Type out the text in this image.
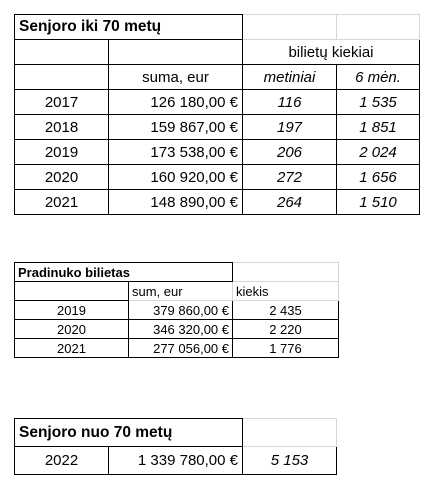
Senjoro iki 70 metų			
		bilietų kiekiai	
	suma, eur	metiniai	6 mėn.
2017	126 180,00 €	116	1 535
2018	159 867,00 €	197	1 851
2019	173 538,00 €	206	2 024
2020	160 920,00 €	272	1 656
2021	148 890,00 €	264	1 510
Pradinuko bilietas		
	sum, eur	kiekis
2019	379 860,00 €	2 435
2020	346 320,00 €	2 220
2021	277 056,00 €	1 776
Senjoro nuo 70 metų		
2022	1 339 780,00 €	5 153
